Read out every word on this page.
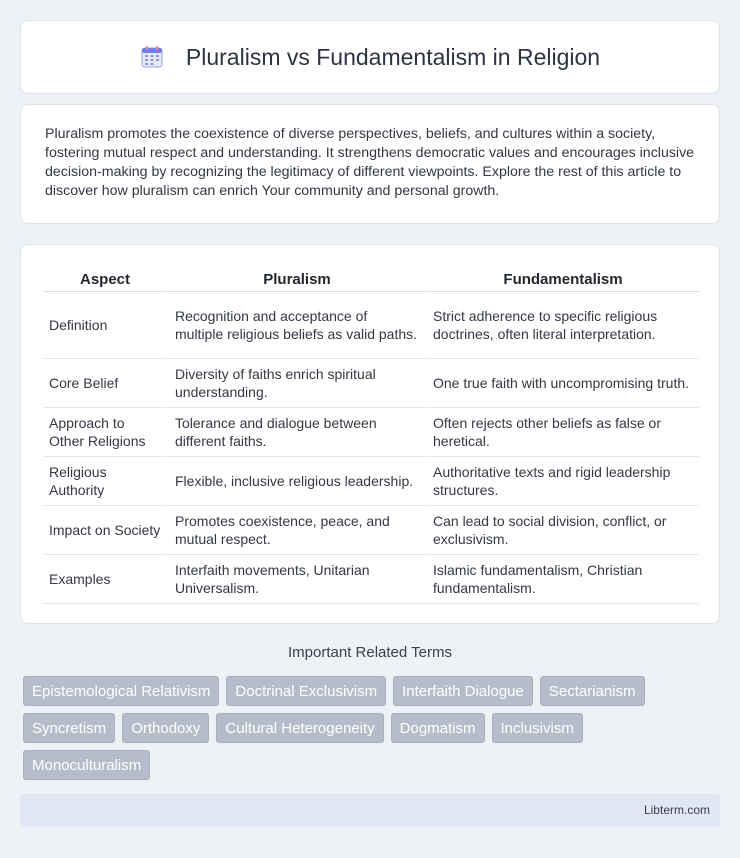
Pluralism vs Fundamentalism in Religion

Pluralism promotes the coexistence of diverse perspectives, beliefs, and cultures within a society, fostering mutual respect and understanding. It strengthens democratic values and encourages inclusive decision-making by recognizing the legitimacy of different viewpoints. Explore the rest of this article to discover how pluralism can enrich Your community and personal growth.

Aspect	Pluralism	Fundamentalism
Definition	Recognition and acceptance of multiple religious beliefs as valid paths.	Strict adherence to specific religious doctrines, often literal interpretation.
Core Belief	Diversity of faiths enrich spiritual understanding.	One true faith with uncompromising truth.
Approach to Other Religions	Tolerance and dialogue between different faiths.	Often rejects other beliefs as false or heretical.
Religious Authority	Flexible, inclusive religious leadership.	Authoritative texts and rigid leadership structures.
Impact on Society	Promotes coexistence, peace, and mutual respect.	Can lead to social division, conflict, or exclusivism.
Examples	Interfaith movements, Unitarian Universalism.	Islamic fundamentalism, Christian fundamentalism.
Important Related Terms
Epistemological Relativism	Doctrinal Exclusivism	Interfaith Dialogue	Sectarianism
Syncretism	Orthodoxy	Cultural Heterogeneity	Dogmatism	Inclusivism
Monoculturalism
Libterm.com
